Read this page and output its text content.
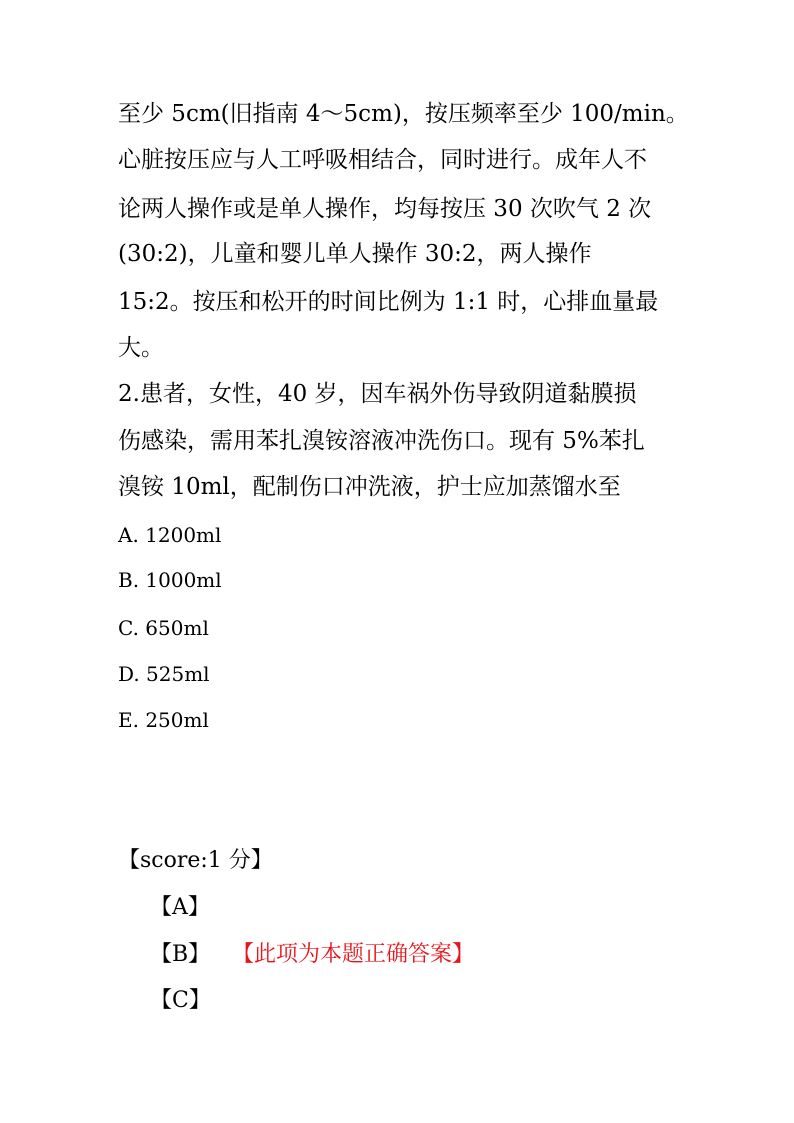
至少 5cm(旧指南 4～5cm)，按压频率至少 100/min。
心脏按压应与人工呼吸相结合，同时进行。成年人不
论两人操作或是单人操作，均每按压 30 次吹气 2 次
(30:2)，儿童和婴儿单人操作 30:2，两人操作
15:2。按压和松开的时间比例为 1:1 时，心排血量最
大。
2.患者，女性，40 岁，因车祸外伤导致阴道黏膜损
伤感染，需用苯扎溴铵溶液冲洗伤口。现有 5%苯扎
溴铵 10ml，配制伤口冲洗液，护士应加蒸馏水至
A. 1200ml
B. 1000ml
C. 650ml
D. 525ml
E. 250ml
【score:1 分】
【A】
【B】 【此项为本题正确答案】
【C】
